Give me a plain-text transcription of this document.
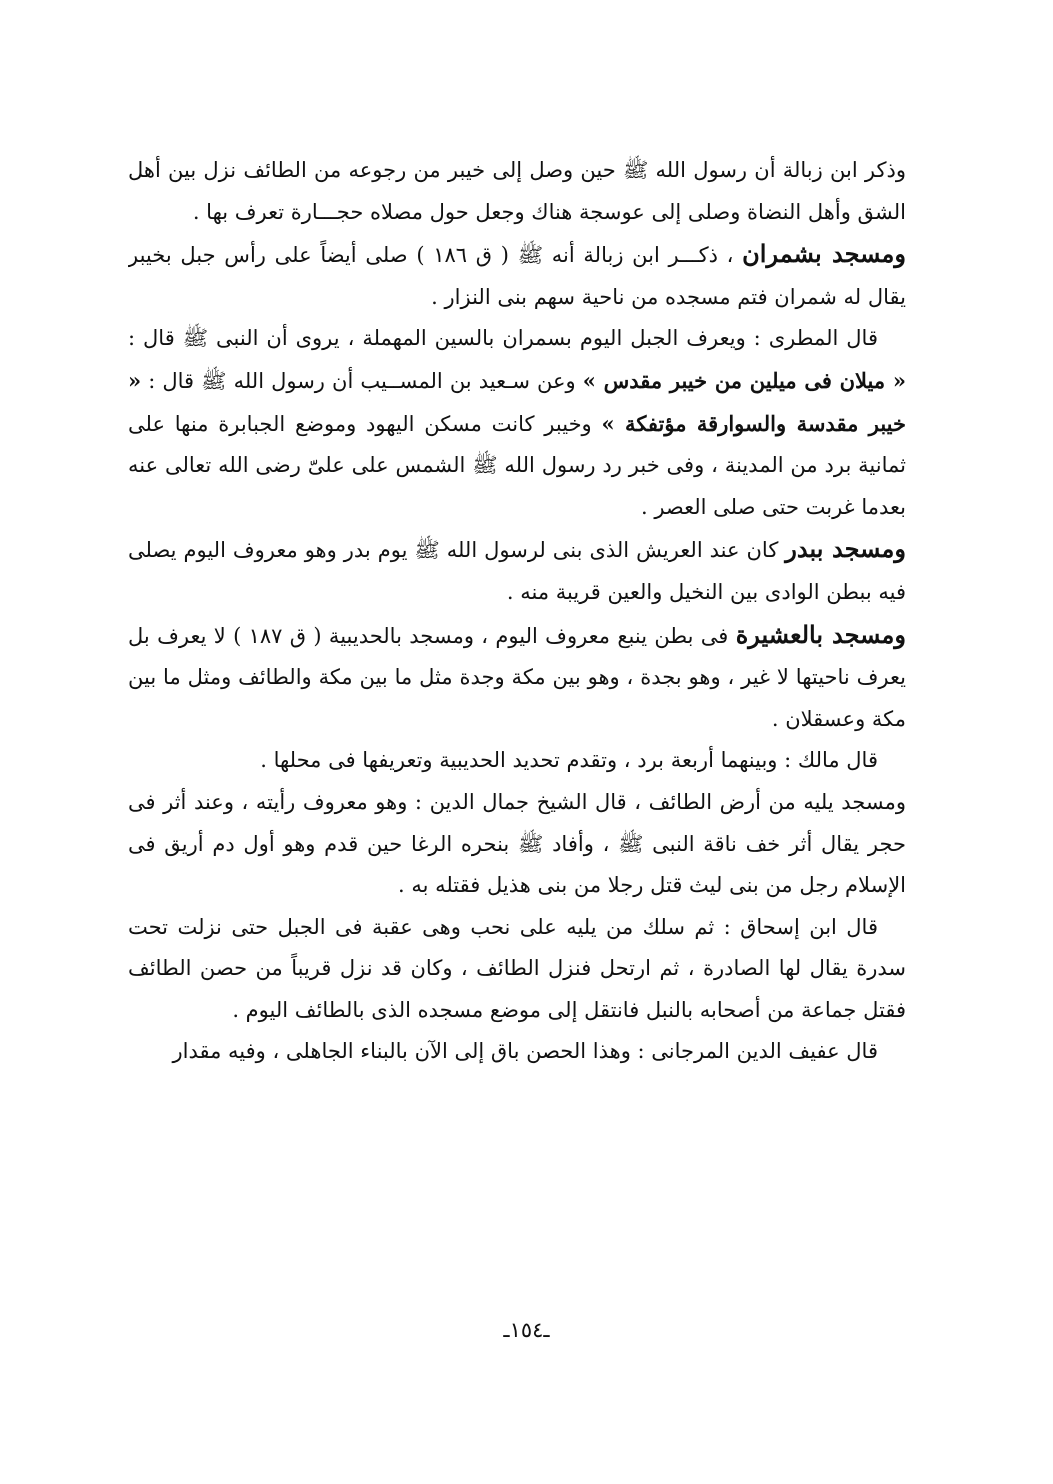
وذكر ابن زبالة أن رسول الله ﷺ حين وصل إلى خيبر من رجوعه من الطائف نزل بين أهل الشق وأهل النضاة وصلى إلى عوسجة هناك وجعل حول مصلاه حجـــارة تعرف بها .

ومسجد بشمران ، ذكـــر ابن زبالة أنه ﷺ ( ق ١٨٦ ) صلى أيضاً على رأس جبل بخيبر يقال له شمران فتم مسجده من ناحية سهم بنى النزار .

قال المطرى : ويعرف الجبل اليوم بسمران بالسين المهملة ، يروى أن النبى ﷺ قال : « ميلان فى ميلين من خيبر مقدس » وعن سـعيد بن المســيب أن رسول الله ﷺ قال : « خيبر مقدسة والسوارقة مؤتفكة » وخيبر كانت مسكن اليهود وموضع الجبابرة منها على ثمانية برد من المدينة ، وفى خبر رد رسول الله ﷺ الشمس على علىّ رضى الله تعالى عنه بعدما غربت حتى صلى العصر .

ومسجد ببدر كان عند العريش الذى بنى لرسول الله ﷺ يوم بدر وهو معروف اليوم يصلى فيه ببطن الوادى بين النخيل والعين قريبة منه .

ومسجد بالعشيرة فى بطن ينبع معروف اليوم ، ومسجد بالحديبية ( ق ١٨٧ ) لا يعرف بل يعرف ناحيتها لا غير ، وهو بجدة ، وهو بين مكة وجدة مثل ما بين مكة والطائف ومثل ما بين مكة وعسقلان .

قال مالك : وبينهما أربعة برد ، وتقدم تحديد الحديبية وتعريفها فى محلها .

ومسجد يليه من أرض الطائف ، قال الشيخ جمال الدين : وهو معروف رأيته ، وعند أثر فى حجر يقال أثر خف ناقة النبى ﷺ ، وأفاد ﷺ بنحره الرغا حين قدم وهو أول دم أريق فى الإسلام رجل من بنى ليث قتل رجلا من بنى هذيل فقتله به .

قال ابن إسحاق : ثم سلك من يليه على نحب وهى عقبة فى الجبل حتى نزلت تحت سدرة يقال لها الصادرة ، ثم ارتحل فنزل الطائف ، وكان قد نزل قريباً من حصن الطائف فقتل جماعة من أصحابه بالنبل فانتقل إلى موضع مسجده الذى بالطائف اليوم .

قال عفيف الدين المرجانى : وهذا الحصن باق إلى الآن بالبناء الجاهلى ، وفيه مقدار

ـ١٥٤ـ
